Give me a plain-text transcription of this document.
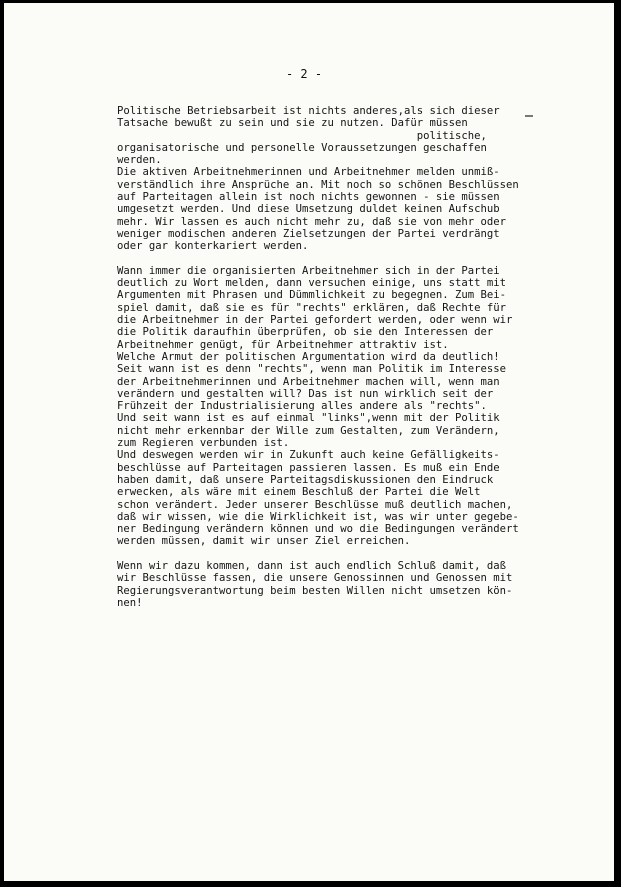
- 2 -
Politische Betriebsarbeit ist nichts anderes,als sich dieser
Tatsache bewußt zu sein und sie zu nutzen. Dafür müssen
politische,
organisatorische und personelle Voraussetzungen geschaffen
werden.
Die aktiven Arbeitnehmerinnen und Arbeitnehmer melden unmiß-
verständlich ihre Ansprüche an. Mit noch so schönen Beschlüssen
auf Parteitagen allein ist noch nichts gewonnen - sie müssen
umgesetzt werden. Und diese Umsetzung duldet keinen Aufschub
mehr. Wir lassen es auch nicht mehr zu, daß sie von mehr oder
weniger modischen anderen Zielsetzungen der Partei verdrängt
oder gar konterkariert werden.
Wann immer die organisierten Arbeitnehmer sich in der Partei
deutlich zu Wort melden, dann versuchen einige, uns statt mit
Argumenten mit Phrasen und Dümmlichkeit zu begegnen. Zum Bei-
spiel damit, daß sie es für "rechts" erklären, daß Rechte für
die Arbeitnehmer in der Partei gefordert werden, oder wenn wir
die Politik daraufhin überprüfen, ob sie den Interessen der
Arbeitnehmer genügt, für Arbeitnehmer attraktiv ist.
Welche Armut der politischen Argumentation wird da deutlich!
Seit wann ist es denn "rechts", wenn man Politik im Interesse
der Arbeitnehmerinnen und Arbeitnehmer machen will, wenn man
verändern und gestalten will? Das ist nun wirklich seit der
Frühzeit der Industrialisierung alles andere als "rechts".
Und seit wann ist es auf einmal "links",wenn mit der Politik
nicht mehr erkennbar der Wille zum Gestalten, zum Verändern,
zum Regieren verbunden ist.
Und deswegen werden wir in Zukunft auch keine Gefälligkeits-
beschlüsse auf Parteitagen passieren lassen. Es muß ein Ende
haben damit, daß unsere Parteitagsdiskussionen den Eindruck
erwecken, als wäre mit einem Beschluß der Partei die Welt
schon verändert. Jeder unserer Beschlüsse muß deutlich machen,
daß wir wissen, wie die Wirklichkeit ist, was wir unter gegebe-
ner Bedingung verändern können und wo die Bedingungen verändert
werden müssen, damit wir unser Ziel erreichen.
Wenn wir dazu kommen, dann ist auch endlich Schluß damit, daß
wir Beschlüsse fassen, die unsere Genossinnen und Genossen mit
Regierungsverantwortung beim besten Willen nicht umsetzen kön-
nen!
